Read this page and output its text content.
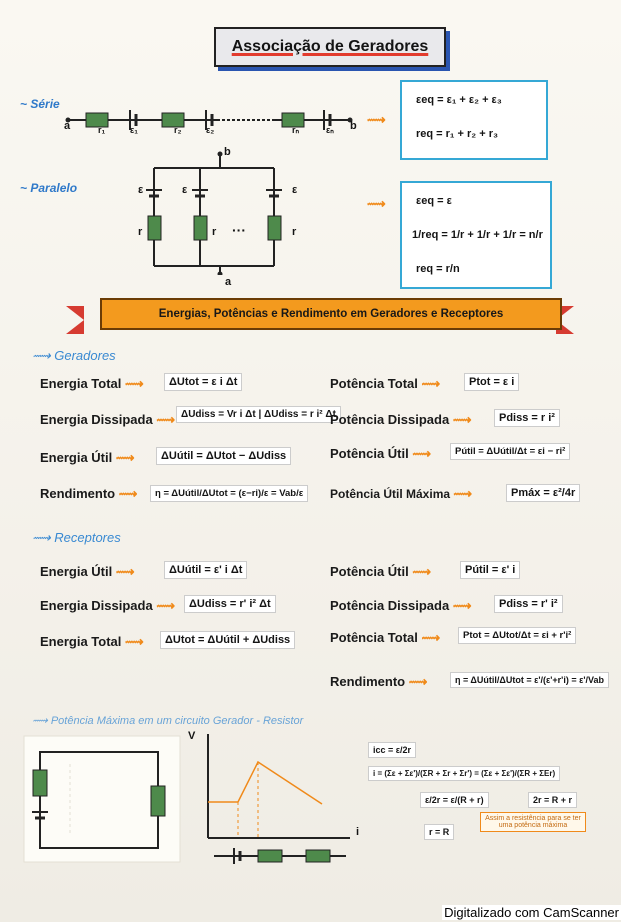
Associação de Geradores
~ Série
a	b
r₁	ε₁	r₂	ε₂	rₙ	εₙ
⟿
εeq = ε₁ + ε₂ + ε₃
req = r₁ + r₂ + r₃
~ Paralelo
b
a
ε	ε	ε
r	r	r
···
⟿	εeq = ε
1/req = 1/r + 1/r + 1/r = n/r
req = r/n
Energias, Potências e Rendimento em Geradores e Receptores
⟿ Geradores
Energia Total ⟿	ΔUtot = ε i Δt
Energia Dissipada ⟿ ΔUdiss = Vr i Δt | ΔUdiss = r i² Δt
Energia Útil ⟿	ΔUútil = ΔUtot − ΔUdiss
Rendimento ⟿	η = ΔUútil/ΔUtot = (ε−ri)/ε = Vab/ε
Potência Total ⟿	Ptot = ε i
Potência Dissipada ⟿	Pdiss = r i²
Potência Útil ⟿	Pútil = ΔUútil/Δt = εi − ri²
Potência Útil Máxima ⟿	Pmáx = ε²/4r
⟿ Receptores
Energia Útil ⟿	ΔUútil = ε' i Δt
Energia Dissipada ⟿	ΔUdiss = r' i² Δt
Energia Total ⟿	ΔUtot = ΔUútil + ΔUdiss
Potência Útil ⟿	Pútil = ε' i
Potência Dissipada ⟿	Pdiss = r' i²
Potência Total ⟿	Ptot = ΔUtot/Δt = εi + r'i²
Rendimento ⟿	η = ΔUútil/ΔUtot = ε'/(ε'+r'i) = ε'/Vab
⟿ Potência Máxima em um circuito Gerador - Resistor
V
i
icc = ε/2r
i = (Σε + Σε')/(ΣR + Σr + Σr') = (Σε + Σε')/(ΣR + ΣEr)
ε/2r = ε/(R + r)	2r = R + r
r = R
Assim a resistência para se ter uma potência máxima
Digitalizado com CamScanner
